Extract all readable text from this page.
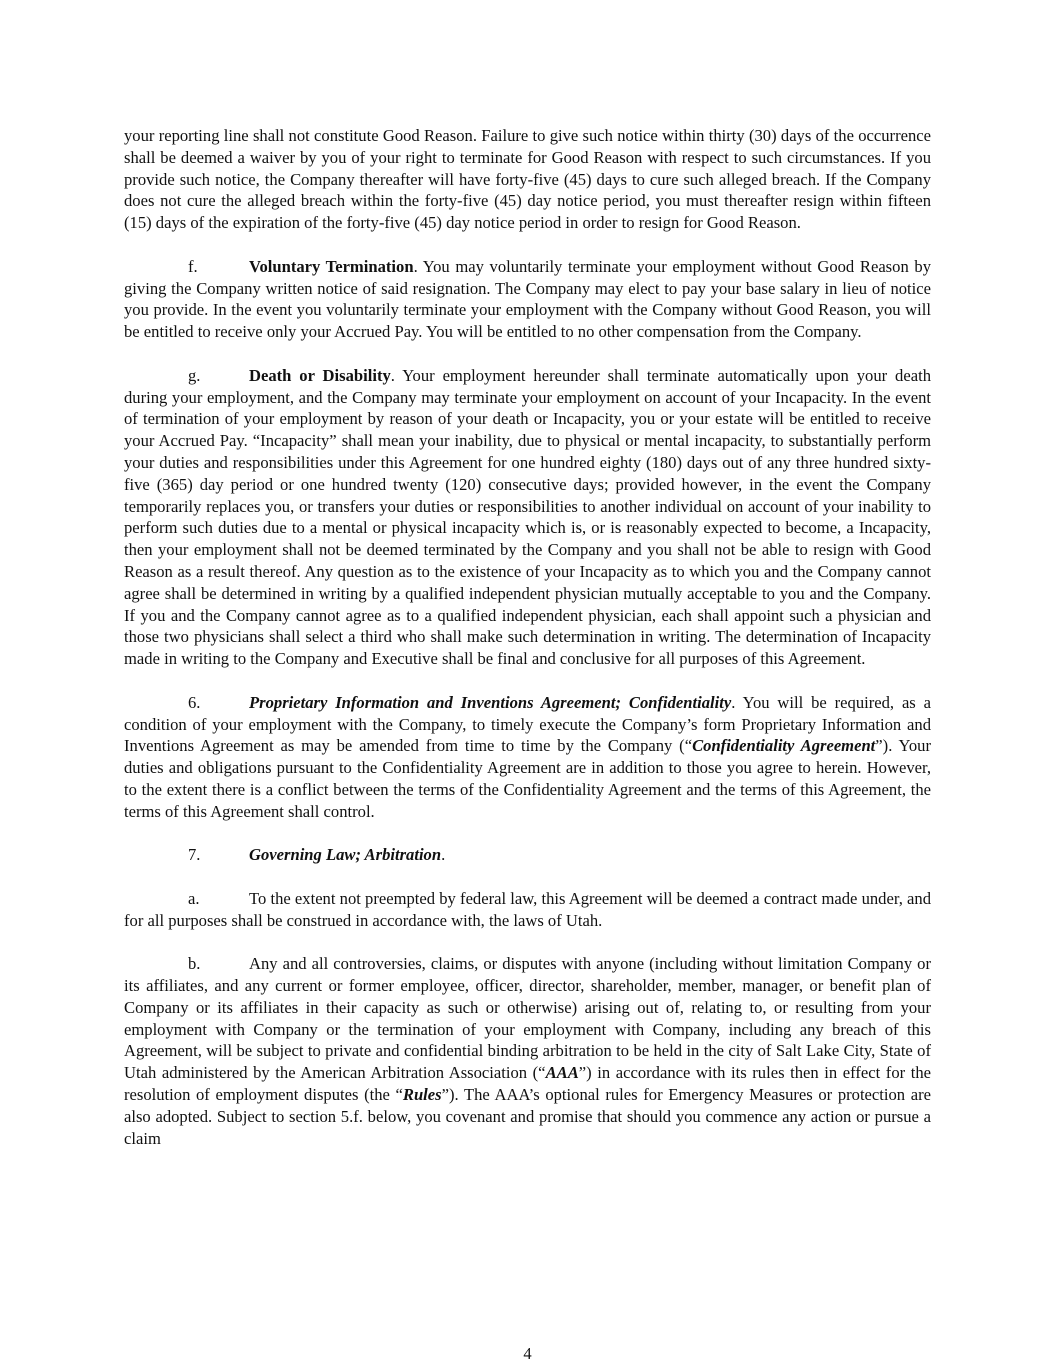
your reporting line shall not constitute Good Reason. Failure to give such notice within thirty (30) days of the occurrence shall be deemed a waiver by you of your right to terminate for Good Reason with respect to such circumstances. If you provide such notice, the Company thereafter will have forty-five (45) days to cure such alleged breach. If the Company does not cure the alleged breach within the forty-five (45) day notice period, you must thereafter resign within fifteen (15) days of the expiration of the forty-five (45) day notice period in order to resign for Good Reason.

f.	Voluntary Termination. You may voluntarily terminate your employment without Good Reason by giving the Company written notice of said resignation. The Company may elect to pay your base salary in lieu of notice you provide. In the event you voluntarily terminate your employment with the Company without Good Reason, you will be entitled to receive only your Accrued Pay. You will be entitled to no other compensation from the Company.

g.	Death or Disability. Your employment hereunder shall terminate automatically upon your death during your employment, and the Company may terminate your employment on account of your Incapacity. In the event of termination of your employment by reason of your death or Incapacity, you or your estate will be entitled to receive your Accrued Pay. “Incapacity” shall mean your inability, due to physical or mental incapacity, to substantially perform your duties and responsibilities under this Agreement for one hundred eighty (180) days out of any three hundred sixty-five (365) day period or one hundred twenty (120) consecutive days; provided however, in the event the Company temporarily replaces you, or transfers your duties or responsibilities to another individual on account of your inability to perform such duties due to a mental or physical incapacity which is, or is reasonably expected to become, a Incapacity, then your employment shall not be deemed terminated by the Company and you shall not be able to resign with Good Reason as a result thereof. Any question as to the existence of your Incapacity as to which you and the Company cannot agree shall be determined in writing by a qualified independent physician mutually acceptable to you and the Company. If you and the Company cannot agree as to a qualified independent physician, each shall appoint such a physician and those two physicians shall select a third who shall make such determination in writing. The determination of Incapacity made in writing to the Company and Executive shall be final and conclusive for all purposes of this Agreement.

6.	Proprietary Information and Inventions Agreement; Confidentiality. You will be required, as a condition of your employment with the Company, to timely execute the Company’s form Proprietary Information and Inventions Agreement as may be amended from time to time by the Company (“Confidentiality Agreement”). Your duties and obligations pursuant to the Confidentiality Agreement are in addition to those you agree to herein. However, to the extent there is a conflict between the terms of the Confidentiality Agreement and the terms of this Agreement, the terms of this Agreement shall control.

7.	Governing Law; Arbitration.

a.	To the extent not preempted by federal law, this Agreement will be deemed a contract made under, and for all purposes shall be construed in accordance with, the laws of Utah.

b.	Any and all controversies, claims, or disputes with anyone (including without limitation Company or its affiliates, and any current or former employee, officer, director, shareholder, member, manager, or benefit plan of Company or its affiliates in their capacity as such or otherwise) arising out of, relating to, or resulting from your employment with Company or the termination of your employment with Company, including any breach of this Agreement, will be subject to private and confidential binding arbitration to be held in the city of Salt Lake City, State of Utah administered by the American Arbitration Association (“AAA”) in accordance with its rules then in effect for the resolution of employment disputes (the “Rules”). The AAA’s optional rules for Emergency Measures or protection are also adopted. Subject to section 5.f. below, you covenant and promise that should you commence any action or pursue a claim

4
